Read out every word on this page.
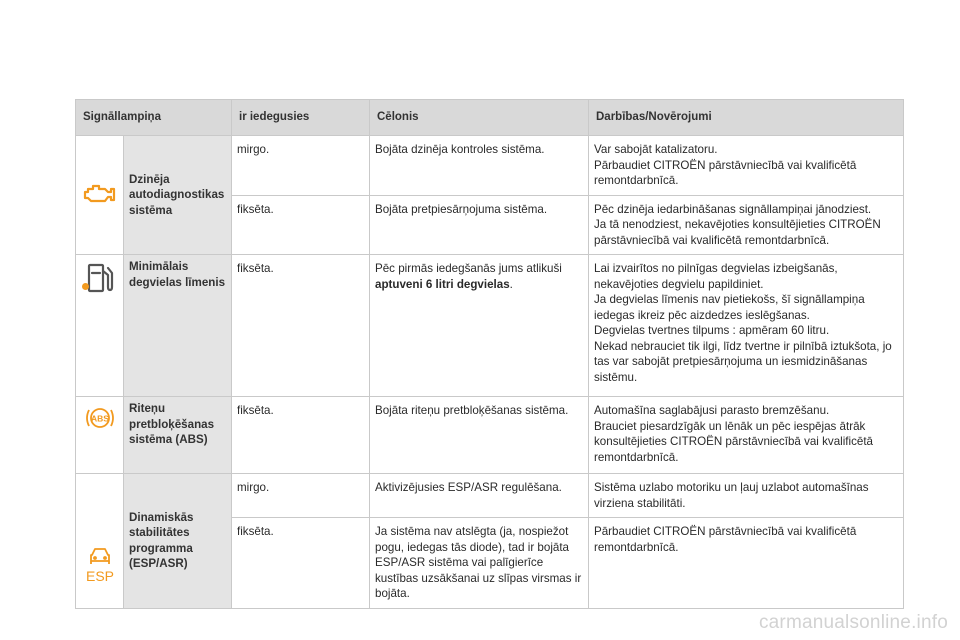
Signāllampiņa		ir iedegusies	Cēlonis	Darbības/Novērojumi
	Dzinēja autodiagnostikas sistēma	mirgo.	Bojāta dzinēja kontroles sistēma.	Var sabojāt katalizatoru.
Pārbaudiet CITROËN pārstāvniecībā vai kvalificētā remontdarbnīcā.
		fiksēta.	Bojāta pretpiesārņojuma sistēma.	Pēc dzinēja iedarbināšanas signāllampiņai jānodziest.
Ja tā nenodziest, nekavējoties konsultējieties CITROËN pārstāvniecībā vai kvalificētā remontdarbnīcā.
	Minimālais degvielas līmenis	fiksēta.	Pēc pirmās iedegšanās jums atlikuši aptuveni 6 litri degvielas.	Lai izvairītos no pilnīgas degvielas izbeigšanās, nekavējoties degvielu papildiniet.
Ja degvielas līmenis nav pietiekošs, šī signāllampiņa iedegas ikreiz pēc aizdedzes ieslēgšanas.
Degvielas tvertnes tilpums : apmēram 60 litru.
Nekad nebrauciet tik ilgi, līdz tvertne ir pilnībā iztukšota, jo tas var sabojāt pretpiesārņojuma un iesmidzināšanas sistēmu.

ABS	Riteņu pretbloķēšanas sistēma (ABS)	fiksēta.	Bojāta riteņu pretbloķēšanas sistēma.	Automašīna saglabājusi parasto bremzēšanu.
Brauciet piesardzīgāk un lēnāk un pēc iespējas ātrāk konsultējieties CITROËN pārstāvniecībā vai kvalificētā remontdarbnīcā.

ESP	Dinamiskās stabilitātes programma (ESP/ASR)	mirgo.	Aktivizējusies ESP/ASR regulēšana.	Sistēma uzlabo motoriku un ļauj uzlabot automašīnas virziena stabilitāti.
		fiksēta.	Ja sistēma nav atslēgta (ja, nospiežot pogu, iedegas tās diode), tad ir bojāta ESP/ASR sistēma vai palīgierīce kustības uzsākšanai uz slīpas virsmas ir bojāta.	Pārbaudiet CITROËN pārstāvniecībā vai kvalificētā remontdarbnīcā.
carmanualsonline.info
